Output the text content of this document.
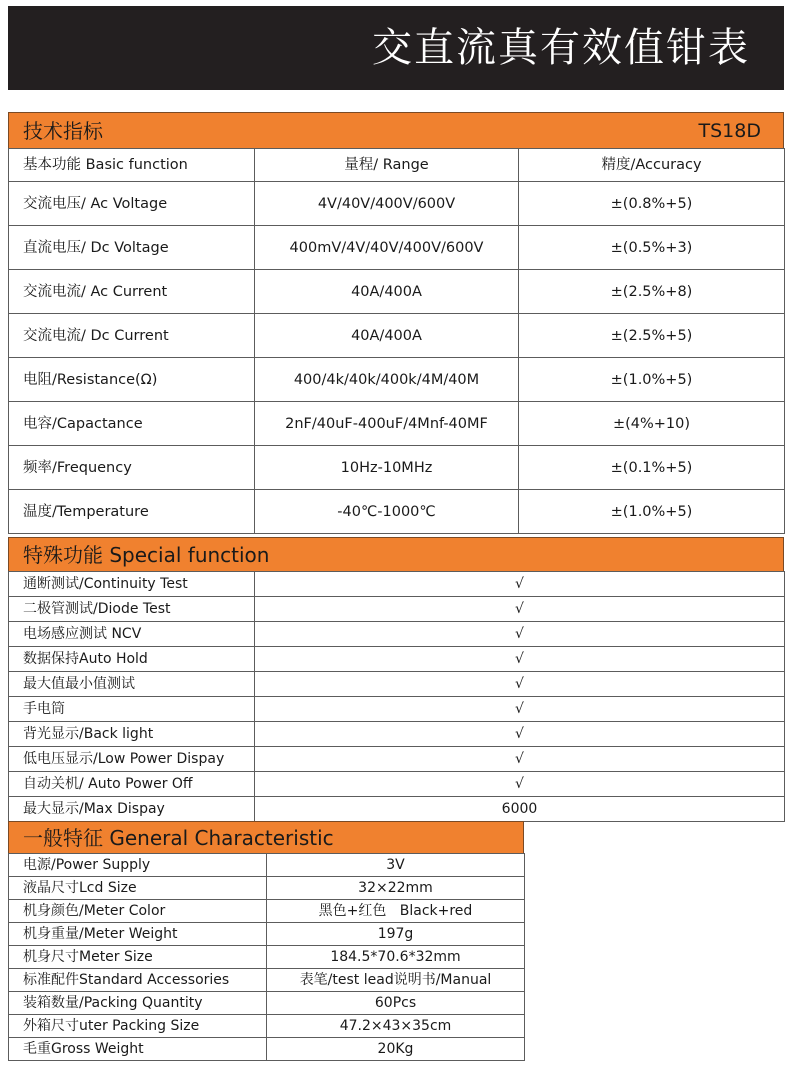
交直流真有效值钳表
技术指标	TS18D
基本功能 Basic function	量程/ Range	精度/Accuracy
交流电压/ Ac Voltage	4V/40V/400V/600V	±(0.8%+5)
直流电压/ Dc Voltage	400mV/4V/40V/400V/600V	±(0.5%+3)
交流电流/ Ac Current	40A/400A	±(2.5%+8)
交流电流/ Dc Current	40A/400A	±(2.5%+5)
电阻/Resistance(Ω)	400/4k/40k/400k/4M/40M	±(1.0%+5)
电容/Capactance	2nF/40uF-400uF/4Mnf-40MF	±(4%+10)
频率/Frequency	10Hz-10MHz	±(0.1%+5)
温度/Temperature	-40℃-1000℃	±(1.0%+5)
特殊功能 Special function
通断测试/Continuity Test	√
二极管测试/Diode Test	√
电场感应测试 NCV	√
数据保持Auto Hold	√
最大值最小值测试	√
手电筒	√
背光显示/Back light	√
低电压显示/Low Power Dispay	√
自动关机/ Auto Power Off	√
最大显示/Max Dispay	6000
一般特征 General Characteristic
电源/Power Supply	3V
液晶尺寸Lcd Size	32×22mm
机身颜色/Meter Color	黑色+红色   Black+red
机身重量/Meter Weight	197g
机身尺寸Meter Size	184.5*70.6*32mm
标准配件Standard Accessories	表笔/test lead说明书/Manual
装箱数量/Packing Quantity	60Pcs
外箱尺寸uter Packing Size	47.2×43×35cm
毛重Gross Weight	20Kg
